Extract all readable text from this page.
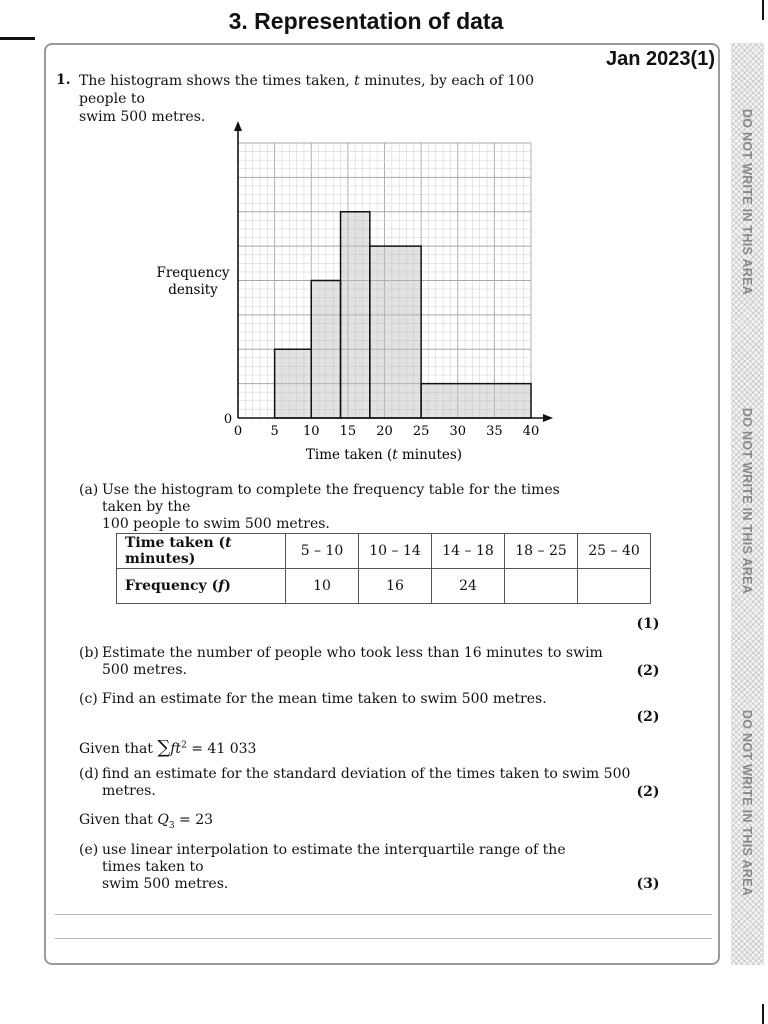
3. Representation of data
Jan 2023(1)
DO NOT WRITE IN THIS AREA
DO NOT WRITE IN THIS AREA
DO NOT WRITE IN THIS AREA
1. The histogram shows the times taken, t minutes, by each of 100 people to
swim 500 metres.
0 5 10 15 20 25 30 35 40
Frequency
density
0
Time taken (t minutes)
(a) Use the histogram to complete the frequency table for the times taken by the
100 people to swim 500 metres.
Time taken (t minutes)	5 – 10	10 – 14	14 – 18	18 – 25	25 – 40
Frequency (f)	10	16	24		
(1)
(b) Estimate the number of people who took less than 16 minutes to swim 500 metres.	(2)
(c) Find an estimate for the mean time taken to swim 500 metres.
(2)
Given that $\sum ft^2 = 41$ 033
(d) find an estimate for the standard deviation of the times taken to swim 500 metres.	(2)
Given that $Q_3 = 23$
(e) use linear interpolation to estimate the interquartile range of the times taken to
swim 500 metres.	(3)
